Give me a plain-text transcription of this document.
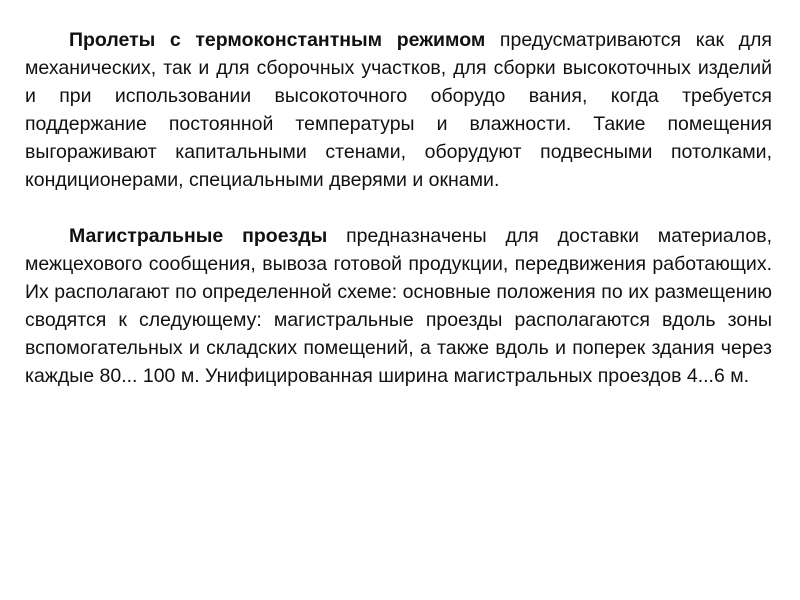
Пролеты с термоконстантным режимом предусматриваются как для механических, так и для сборочных участков, для сборки высокоточных изделий и при использовании высокоточного оборудо вания, когда требуется поддержание постоянной температуры и влажности. Такие помещения выгораживают капитальными стенами, оборудуют подвесными потолками, кондиционерами, специальными дверями и окнами.

Магистральные проезды предназначены для доставки материалов, межцехового сообщения, вывоза готовой продукции, передвижения работающих. Их располагают по определенной схеме: основные положения по их размещению сводятся к следующему: магистральные проезды располагаются вдоль зоны вспомогательных и складских помещений, а также вдоль и поперек здания через каждые 80... 100 м. Унифицированная ширина магистральных проездов 4...6 м.
